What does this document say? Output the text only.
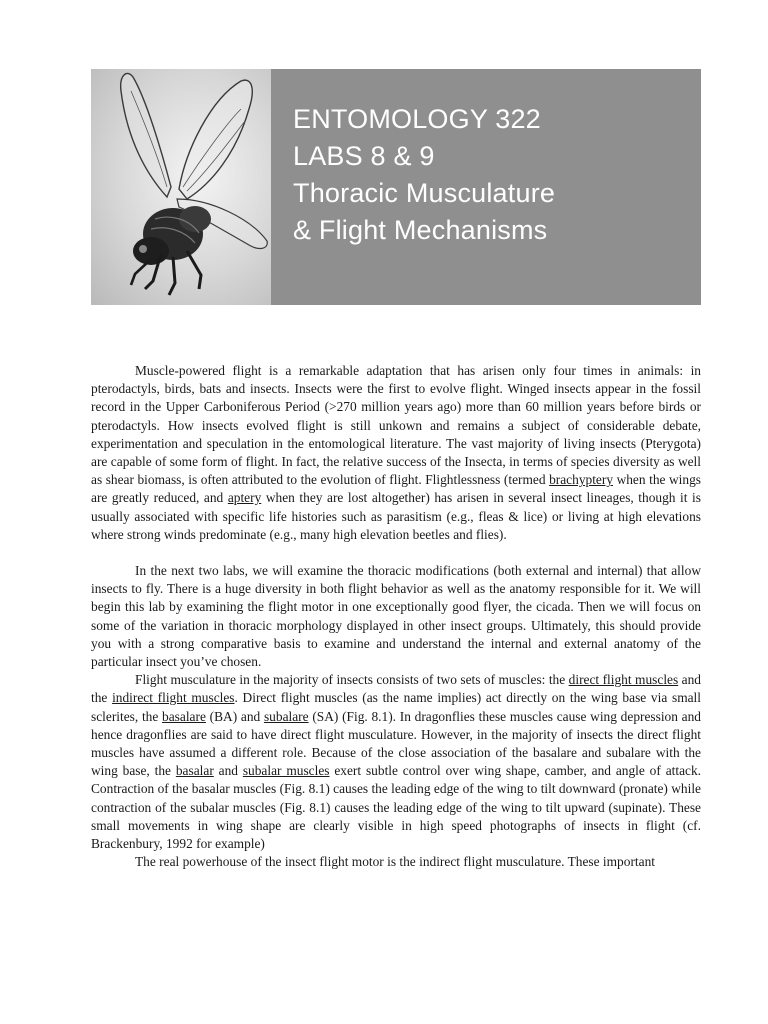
ENTOMOLOGY 322
LABS 8 & 9
Thoracic Musculature
& Flight Mechanisms

Muscle-powered flight is a remarkable adaptation that has arisen only four times in animals: in pterodactyls, birds, bats and insects. Insects were the first to evolve flight. Winged insects appear in the fossil record in the Upper Carboniferous Period (>270 million years ago) more than 60 million years before birds or pterodactyls. How insects evolved flight is still unkown and remains a subject of considerable debate, experimentation and speculation in the entomological literature. The vast majority of living insects (Pterygota) are capable of some form of flight. In fact, the relative success of the Insecta, in terms of species diversity as well as shear biomass, is often attributed to the evolution of flight. Flightlessness (termed brachyptery when the wings are greatly reduced, and aptery when they are lost altogether) has arisen in several insect lineages, though it is usually associated with specific life histories such as parasitism (e.g., fleas & lice) or living at high elevations where strong winds predominate (e.g., many high elevation beetles and flies).

In the next two labs, we will examine the thoracic modifications (both external and internal) that allow insects to fly. There is a huge diversity in both flight behavior as well as the anatomy responsible for it. We will begin this lab by examining the flight motor in one exceptionally good flyer, the cicada. Then we will focus on some of the variation in thoracic morphology displayed in other insect groups. Ultimately, this should provide you with a strong comparative basis to examine and understand the internal and external anatomy of the particular insect you’ve chosen.

Flight musculature in the majority of insects consists of two sets of muscles: the direct flight muscles and the indirect flight muscles. Direct flight muscles (as the name implies) act directly on the wing base via small sclerites, the basalare (BA) and subalare (SA) (Fig. 8.1). In dragonflies these muscles cause wing depression and hence dragonflies are said to have direct flight musculature. However, in the majority of insects the direct flight muscles have assumed a different role. Because of the close association of the basalare and subalare with the wing base, the basalar and subalar muscles exert subtle control over wing shape, camber, and angle of attack. Contraction of the basalar muscles (Fig. 8.1) causes the leading edge of the wing to tilt downward (pronate) while contraction of the subalar muscles (Fig. 8.1) causes the leading edge of the wing to tilt upward (supinate). These small movements in wing shape are clearly visible in high speed photographs of insects in flight (cf. Brackenbury, 1992 for example)

The real powerhouse of the insect flight motor is the indirect flight musculature. These important
